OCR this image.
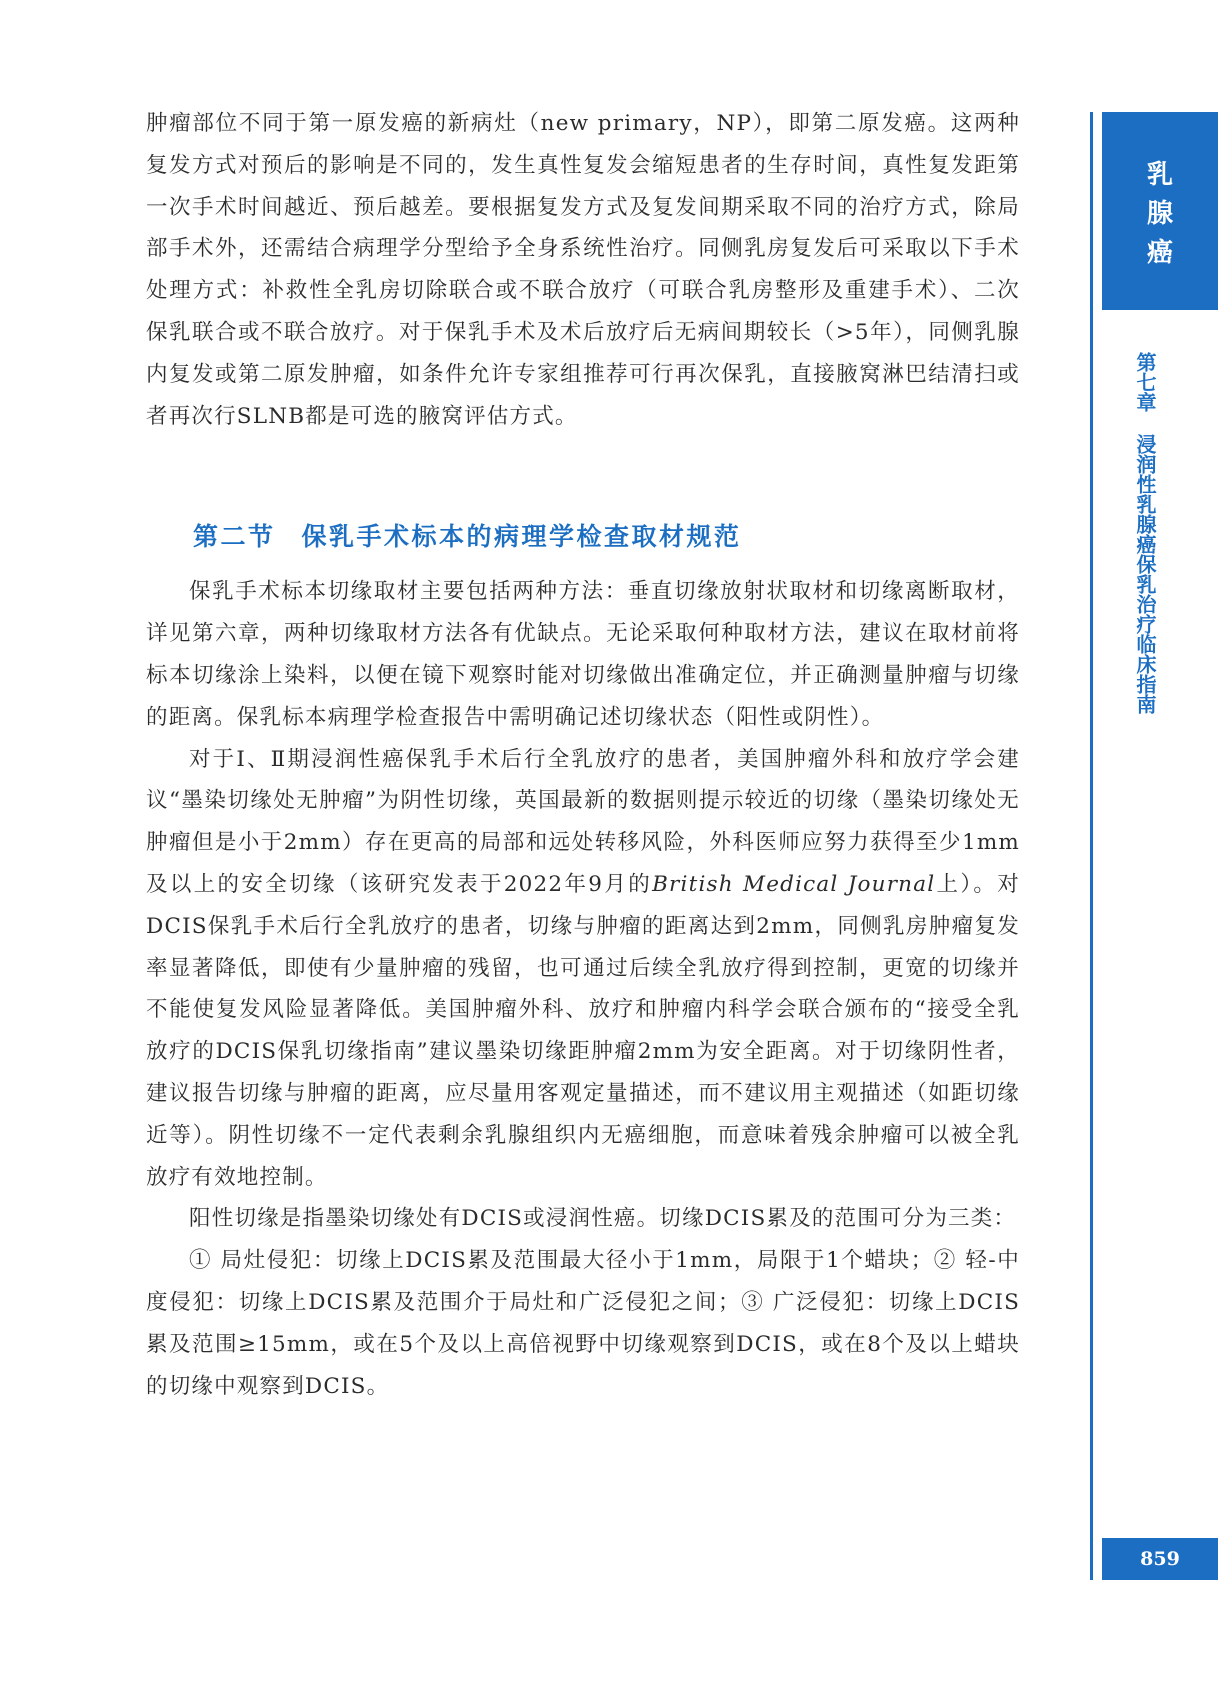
肿瘤部位不同于第一原发癌的新病灶（new primary，NP），即第二原发癌。这两种复发方式对预后的影响是不同的，发生真性复发会缩短患者的生存时间，真性复发距第一次手术时间越近、预后越差。要根据复发方式及复发间期采取不同的治疗方式，除局部手术外，还需结合病理学分型给予全身系统性治疗。同侧乳房复发后可采取以下手术处理方式：补救性全乳房切除联合或不联合放疗（可联合乳房整形及重建手术）、二次保乳联合或不联合放疗。对于保乳手术及术后放疗后无病间期较长（>5年），同侧乳腺内复发或第二原发肿瘤，如条件允许专家组推荐可行再次保乳，直接腋窝淋巴结清扫或者再次行SLNB都是可选的腋窝评估方式。

第二节 保乳手术标本的病理学检查取材规范

保乳手术标本切缘取材主要包括两种方法：垂直切缘放射状取材和切缘离断取材，详见第六章，两种切缘取材方法各有优缺点。无论采取何种取材方法，建议在取材前将标本切缘涂上染料，以便在镜下观察时能对切缘做出准确定位，并正确测量肿瘤与切缘的距离。保乳标本病理学检查报告中需明确记述切缘状态（阳性或阴性）。

对于Ⅰ、Ⅱ期浸润性癌保乳手术后行全乳放疗的患者，美国肿瘤外科和放疗学会建议“墨染切缘处无肿瘤”为阴性切缘，英国最新的数据则提示较近的切缘（墨染切缘处无肿瘤但是小于2mm）存在更高的局部和远处转移风险，外科医师应努力获得至少1mm及以上的安全切缘（该研究发表于2022年9月的British Medical Journal上）。对DCIS保乳手术后行全乳放疗的患者，切缘与肿瘤的距离达到2mm，同侧乳房肿瘤复发率显著降低，即使有少量肿瘤的残留，也可通过后续全乳放疗得到控制，更宽的切缘并不能使复发风险显著降低。美国肿瘤外科、放疗和肿瘤内科学会联合颁布的“接受全乳放疗的DCIS保乳切缘指南”建议墨染切缘距肿瘤2mm为安全距离。对于切缘阴性者，建议报告切缘与肿瘤的距离，应尽量用客观定量描述，而不建议用主观描述（如距切缘近等）。阴性切缘不一定代表剩余乳腺组织内无癌细胞，而意味着残余肿瘤可以被全乳放疗有效地控制。

阳性切缘是指墨染切缘处有DCIS或浸润性癌。切缘DCIS累及的范围可分为三类：

① 局灶侵犯：切缘上DCIS累及范围最大径小于1mm，局限于1个蜡块；② 轻-中度侵犯：切缘上DCIS累及范围介于局灶和广泛侵犯之间；③ 广泛侵犯：切缘上DCIS累及范围≥15mm，或在5个及以上高倍视野中切缘观察到DCIS，或在8个及以上蜡块的切缘中观察到DCIS。

乳
腺
癌
第七章浸润性乳腺癌保乳治疗临床指南
859
